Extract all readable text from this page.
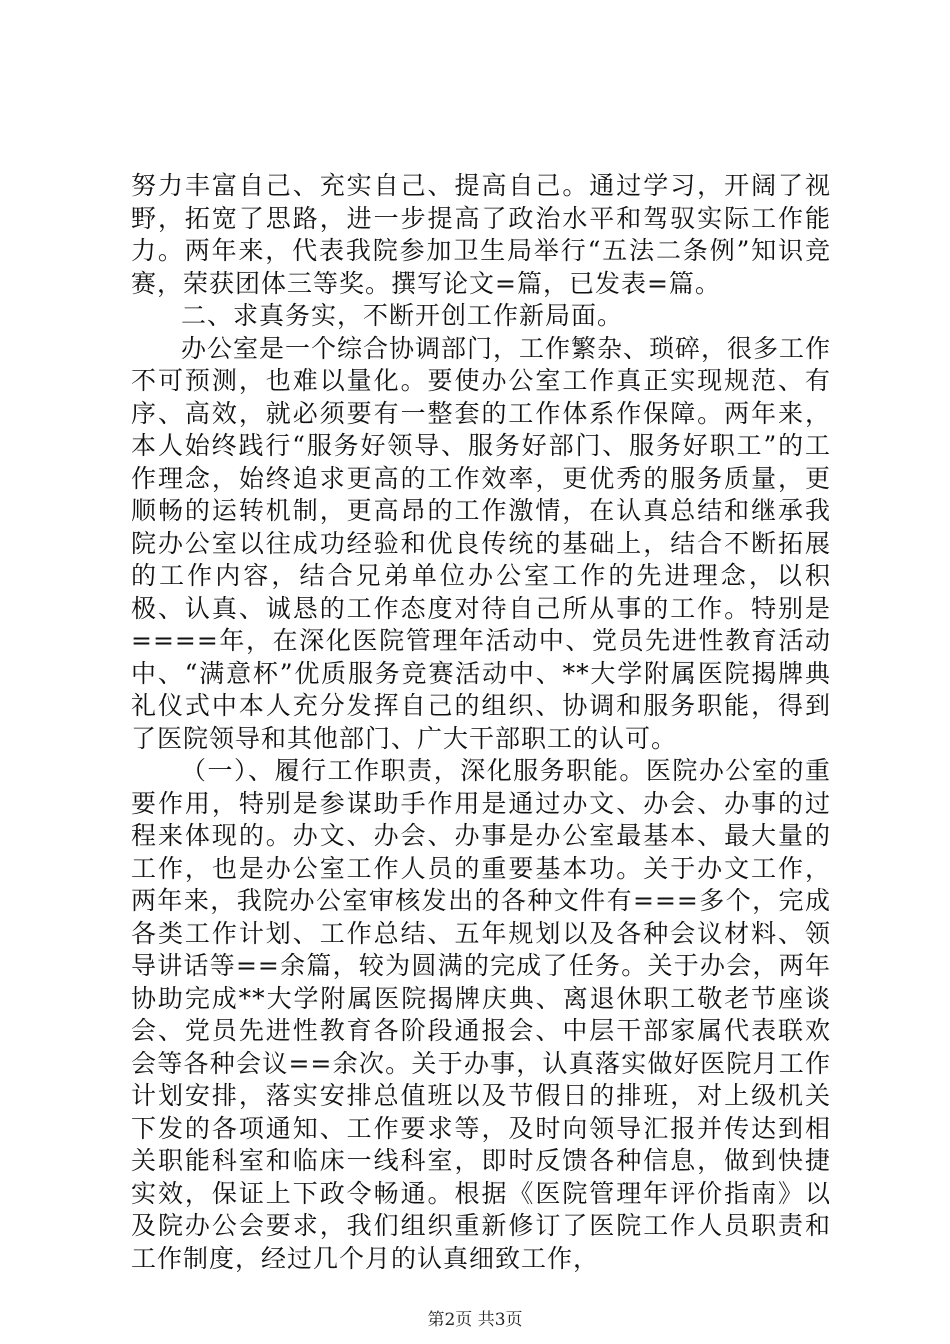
努力丰富自己、充实自己、提高自己。通过学习，开阔了视野，拓宽了思路，进一步提高了政治水平和驾驭实际工作能力。两年来，代表我院参加卫生局举行“五法二条例”知识竞赛，荣获团体三等奖。撰写论文=篇，已发表=篇。

二、求真务实，不断开创工作新局面。

办公室是一个综合协调部门，工作繁杂、琐碎，很多工作不可预测，也难以量化。要使办公室工作真正实现规范、有序、高效，就必须要有一整套的工作体系作保障。两年来，本人始终践行“服务好领导、服务好部门、服务好职工”的工作理念，始终追求更高的工作效率，更优秀的服务质量，更顺畅的运转机制，更高昂的工作激情，在认真总结和继承我院办公室以往成功经验和优良传统的基础上，结合不断拓展的工作内容，结合兄弟单位办公室工作的先进理念，以积极、认真、诚恳的工作态度对待自己所从事的工作。特别是====年，在深化医院管理年活动中、党员先进性教育活动中、“满意杯”优质服务竞赛活动中、**大学附属医院揭牌典礼仪式中本人充分发挥自己的组织、协调和服务职能，得到了医院领导和其他部门、广大干部职工的认可。

（一）、履行工作职责，深化服务职能。医院办公室的重要作用，特别是参谋助手作用是通过办文、办会、办事的过程来体现的。办文、办会、办事是办公室最基本、最大量的工作，也是办公室工作人员的重要基本功。关于办文工作，两年来，我院办公室审核发出的各种文件有===多个，完成各类工作计划、工作总结、五年规划以及各种会议材料、领导讲话等==余篇，较为圆满的完成了任务。关于办会，两年协助完成**大学附属医院揭牌庆典、离退休职工敬老节座谈会、党员先进性教育各阶段通报会、中层干部家属代表联欢会等各种会议==余次。关于办事，认真落实做好医院月工作计划安排，落实安排总值班以及节假日的排班，对上级机关下发的各项通知、工作要求等，及时向领导汇报并传达到相关职能科室和临床一线科室，即时反馈各种信息，做到快捷实效，保证上下政令畅通。根据《医院管理年评价指南》以及院办公会要求，我们组织重新修订了医院工作人员职责和工作制度，经过几个月的认真细致工作，

第2页 共3页
